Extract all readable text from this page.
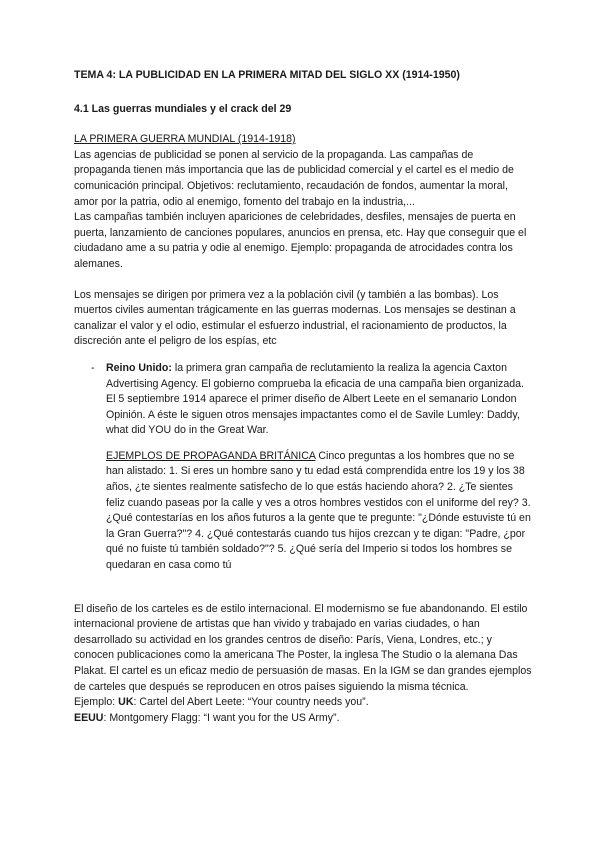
TEMA 4: LA PUBLICIDAD EN LA PRIMERA MITAD DEL SIGLO XX (1914-1950)

4.1 Las guerras mundiales y el crack del 29

LA PRIMERA GUERRA MUNDIAL (1914-1918)

Las agencias de publicidad se ponen al servicio de la propaganda. Las campañas de propaganda tienen más importancia que las de publicidad comercial y el cartel es el medio de comunicación principal. Objetivos: reclutamiento, recaudación de fondos, aumentar la moral, amor por la patria, odio al enemigo, fomento del trabajo en la industria,...

Las campañas también incluyen apariciones de celebridades, desfiles, mensajes de puerta en puerta, lanzamiento de canciones populares, anuncios en prensa, etc. Hay que conseguir que el ciudadano ame a su patria y odie al enemigo. Ejemplo: propaganda de atrocidades contra los alemanes.

Los mensajes se dirigen por primera vez a la población civil (y también a las bombas). Los muertos civiles aumentan trágicamente en las guerras modernas. Los mensajes se destinan a canalizar el valor y el odio, estimular el esfuerzo industrial, el racionamiento de productos, la discreción ante el peligro de los espías, etc

- Reino Unido: la primera gran campaña de reclutamiento la realiza la agencia Caxton Advertising Agency. El gobierno comprueba la eficacia de una campaña bien organizada. El 5 septiembre 1914 aparece el primer diseño de Albert Leete en el semanario London Opinión. A éste le siguen otros mensajes impactantes como el de Savile Lumley: Daddy, what did YOU do in the Great War.
EJEMPLOS DE PROPAGANDA BRITÁNICA Cinco preguntas a los hombres que no se han alistado: 1. Si eres un hombre sano y tu edad está comprendida entre los 19 y los 38 años, ¿te sientes realmente satisfecho de lo que estás haciendo ahora? 2. ¿Te sientes feliz cuando paseas por la calle y ves a otros hombres vestidos con el uniforme del rey? 3. ¿Qué contestarías en los años futuros a la gente que te pregunte: "¿Dónde estuviste tú en la Gran Guerra?"? 4. ¿Qué contestarás cuando tus hijos crezcan y te digan: "Padre, ¿por qué no fuiste tú también soldado?"? 5. ¿Qué sería del Imperio si todos los hombres se quedaran en casa como tú

El diseño de los carteles es de estilo internacional. El modernismo se fue abandonando. El estilo internacional proviene de artistas que han vivido y trabajado en varias ciudades, o han desarrollado su actividad en los grandes centros de diseño: París, Viena, Londres, etc.; y conocen publicaciones como la americana The Poster, la inglesa The Studio o la alemana Das Plakat. El cartel es un eficaz medio de persuasión de masas. En la IGM se dan grandes ejemplos de carteles que después se reproducen en otros países siguiendo la misma técnica.

Ejemplo: UK: Cartel del Abert Leete: “Your country needs you”.

EEUU: Montgomery Flagg: “I want you for the US Army”.
